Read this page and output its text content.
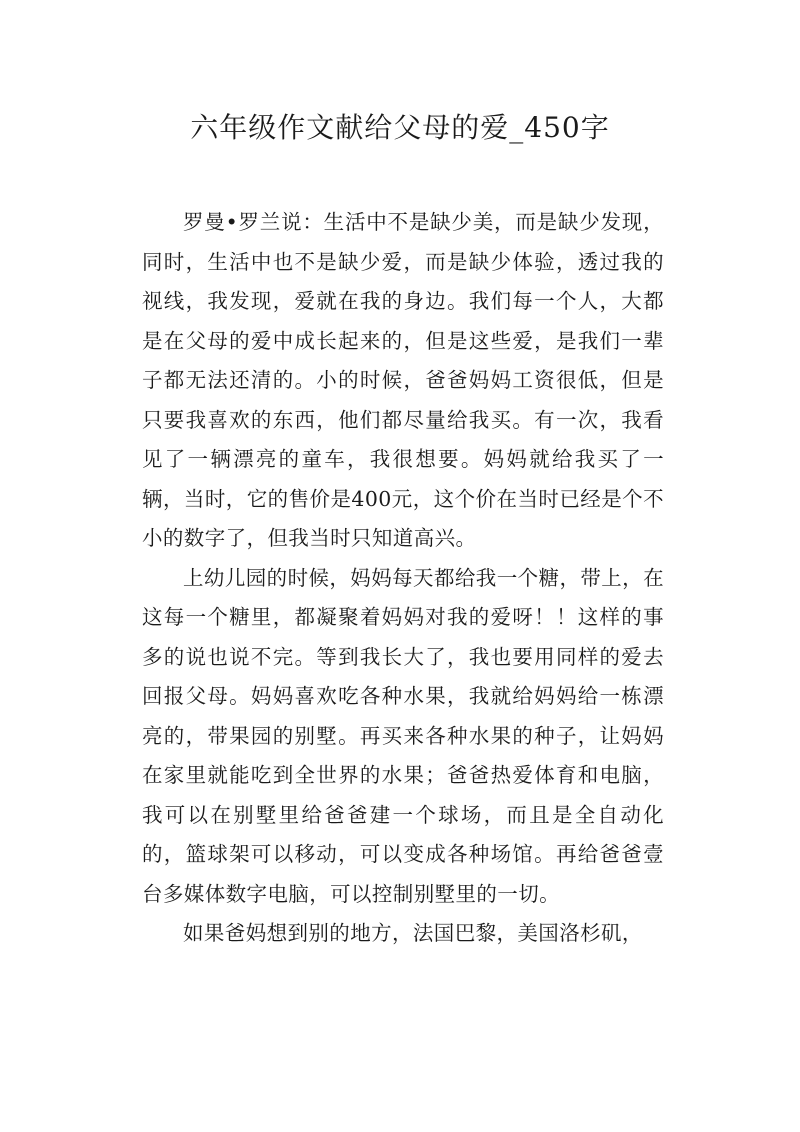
六年级作文献给父母的爱_450字

罗曼•罗兰说：生活中不是缺少美，而是缺少发现，同时，生活中也不是缺少爱，而是缺少体验，透过我的视线，我发现，爱就在我的身边。我们每一个人，大都是在父母的爱中成长起来的，但是这些爱，是我们一辈子都无法还清的。小的时候，爸爸妈妈工资很低，但是只要我喜欢的东西，他们都尽量给我买。有一次，我看见了一辆漂亮的童车，我很想要。妈妈就给我买了一辆，当时，它的售价是400元，这个价在当时已经是个不小的数字了，但我当时只知道高兴。

上幼儿园的时候，妈妈每天都给我一个糖，带上，在这每一个糖里，都凝聚着妈妈对我的爱呀！！这样的事多的说也说不完。等到我长大了，我也要用同样的爱去回报父母。妈妈喜欢吃各种水果，我就给妈妈给一栋漂亮的，带果园的别墅。再买来各种水果的种子，让妈妈在家里就能吃到全世界的水果；爸爸热爱体育和电脑，我可以在别墅里给爸爸建一个球场，而且是全自动化的，篮球架可以移动，可以变成各种场馆。再给爸爸壹台多媒体数字电脑，可以控制别墅里的一切。

如果爸妈想到别的地方，法国巴黎，美国洛杉矶，
